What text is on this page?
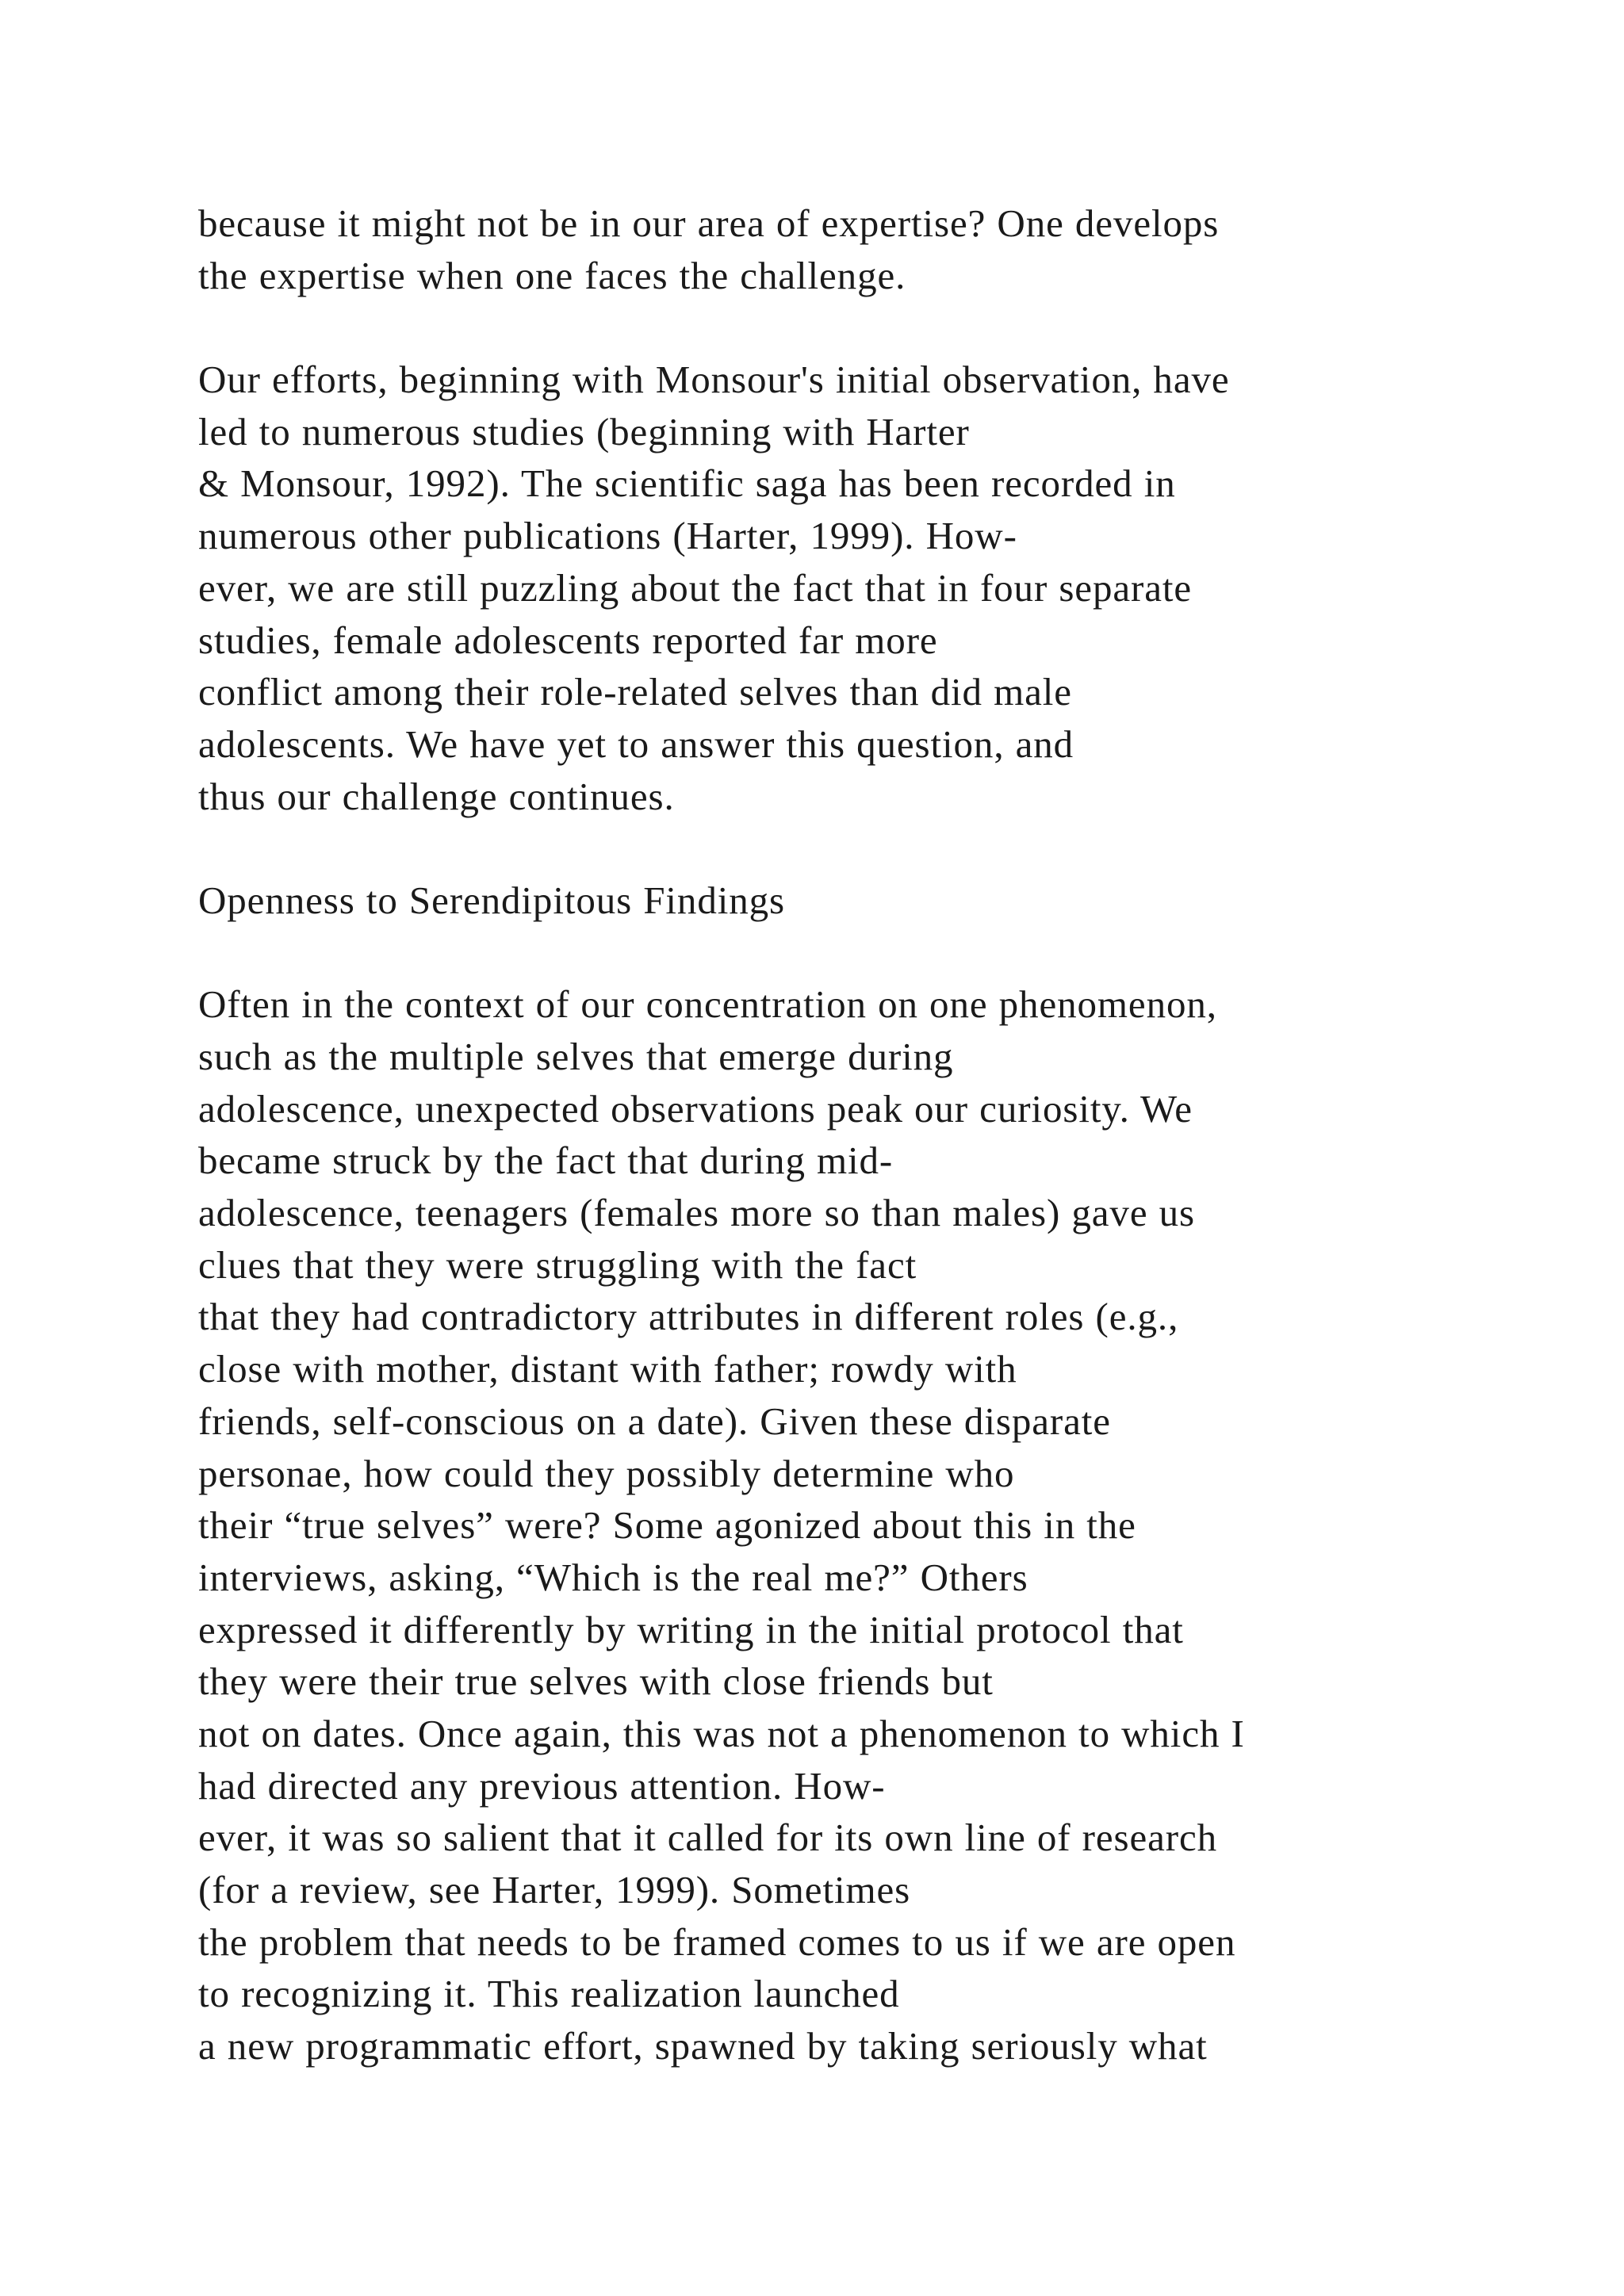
because it might not be in our area of expertise? One develops
the expertise when one faces the challenge.
Our efforts, beginning with Monsour's initial observation, have
led to numerous studies (beginning with Harter
& Monsour, 1992). The scientific saga has been recorded in
numerous other publications (Harter, 1999). How-
ever, we are still puzzling about the fact that in four separate
studies, female adolescents reported far more
conflict among their role-related selves than did male
adolescents. We have yet to answer this question, and
thus our challenge continues.
Openness to Serendipitous Findings
Often in the context of our concentration on one phenomenon,
such as the multiple selves that emerge during
adolescence, unexpected observations peak our curiosity. We
became struck by the fact that during mid-
adolescence, teenagers (females more so than males) gave us
clues that they were struggling with the fact
that they had contradictory attributes in different roles (e.g.,
close with mother, distant with father; rowdy with
friends, self-conscious on a date). Given these disparate
personae, how could they possibly determine who
their “true selves” were? Some agonized about this in the
interviews, asking, “Which is the real me?” Others
expressed it differently by writing in the initial protocol that
they were their true selves with close friends but
not on dates. Once again, this was not a phenomenon to which I
had directed any previous attention. How-
ever, it was so salient that it called for its own line of research
(for a review, see Harter, 1999). Sometimes
the problem that needs to be framed comes to us if we are open
to recognizing it. This realization launched
a new programmatic effort, spawned by taking seriously what
